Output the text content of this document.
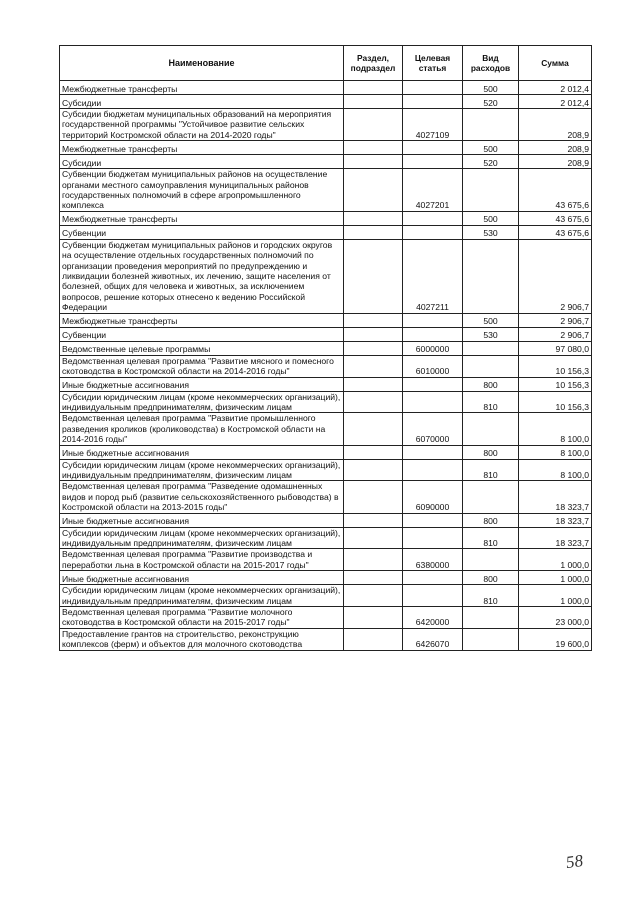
Наименование	Раздел, подраздел	Целевая статья	Вид расходов	Сумма
Межбюджетные трансферты			500	2 012,4
Субсидии			520	2 012,4
Субсидии бюджетам муниципальных образований на мероприятия государственной программы "Устойчивое развитие сельских территорий Костромской области на 2014-2020 годы"		4027109		208,9
Межбюджетные трансферты			500	208,9
Субсидии			520	208,9
Субвенции бюджетам муниципальных районов на осуществление органами местного самоуправления муниципальных районов государственных полномочий в сфере агропромышленного комплекса		4027201		43 675,6
Межбюджетные трансферты			500	43 675,6
Субвенции			530	43 675,6
Субвенции бюджетам муниципальных районов и городских округов на осуществление отдельных государственных полномочий по организации проведения мероприятий по предупреждению и ликвидации болезней животных, их лечению, защите населения от болезней, общих для человека и животных, за исключением вопросов, решение которых отнесено к ведению Российской Федерации		4027211		2 906,7
Межбюджетные трансферты			500	2 906,7
Субвенции			530	2 906,7
Ведомственные целевые программы		6000000		97 080,0
Ведомственная целевая программа "Развитие мясного и помесного скотоводства в Костромской области на 2014-2016 годы"		6010000		10 156,3
Иные бюджетные ассигнования			800	10 156,3
Субсидии юридическим лицам (кроме некоммерческих организаций), индивидуальным предпринимателям, физическим лицам			810	10 156,3
Ведомственная целевая программа "Развитие промышленного разведения кроликов (кролиководства) в Костромской области на 2014-2016 годы"		6070000		8 100,0
Иные бюджетные ассигнования			800	8 100,0
Субсидии юридическим лицам (кроме некоммерческих организаций), индивидуальным предпринимателям, физическим лицам			810	8 100,0
Ведомственная целевая программа "Разведение одомашненных видов и пород рыб (развитие сельскохозяйственного рыбоводства) в Костромской области на 2013-2015 годы"		6090000		18 323,7
Иные бюджетные ассигнования			800	18 323,7
Субсидии юридическим лицам (кроме некоммерческих организаций), индивидуальным предпринимателям, физическим лицам			810	18 323,7
Ведомственная целевая программа "Развитие производства и переработки льна в Костромской области на 2015-2017 годы"		6380000		1 000,0
Иные бюджетные ассигнования			800	1 000,0
Субсидии юридическим лицам (кроме некоммерческих организаций), индивидуальным предпринимателям, физическим лицам			810	1 000,0
Ведомственная целевая программа "Развитие молочного скотоводства в Костромской области на 2015-2017 годы"		6420000		23 000,0
Предоставление грантов на строительство, реконструкцию комплексов (ферм) и объектов для молочного скотоводства		6426070		19 600,0
58
